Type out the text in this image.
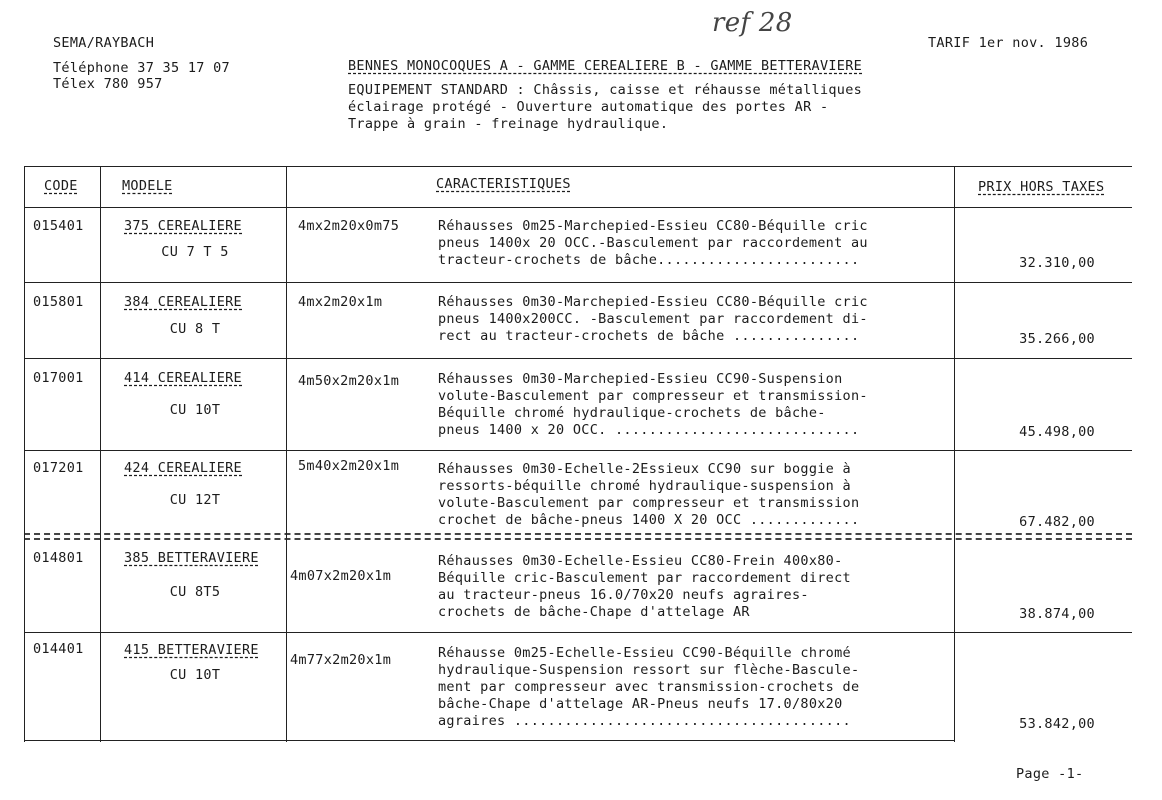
SEMA/RAYBACH
Téléphone 37 35 17 07
Télex 780 957
ref 28
TARIF 1er nov. 1986
BENNES MONOCOQUES A - GAMME CEREALIERE B - GAMME BETTERAVIERE
EQUIPEMENT STANDARD : Châssis, caisse et réhausse métalliques
éclairage protégé - Ouverture automatique des portes AR -
Trappe à grain - freinage hydraulique.
CODE	MODELE	CARACTERISTIQUES	PRIX HORS TAXES
015401	375 CEREALIERE
CU 7 T 5
4mx2m20x0m75	Réhausses 0m25-Marchepied-Essieu CC80-Béquille cric
pneus 1400x 20 OCC.-Basculement par raccordement au
tracteur-crochets de bâche........................	32.310,00
015801	384 CEREALIERE
CU 8 T
4mx2m20x1m	Réhausses 0m30-Marchepied-Essieu CC80-Béquille cric
pneus 1400x200CC. -Basculement par raccordement di-
rect au tracteur-crochets de bâche ...............	35.266,00
017001	414 CEREALIERE
CU 10T
4m50x2m20x1m	Réhausses 0m30-Marchepied-Essieu CC90-Suspension
volute-Basculement par compresseur et transmission-
Béquille chromé hydraulique-crochets de bâche-
pneus 1400 x 20 OCC. .............................	45.498,00
017201	424 CEREALIERE
CU 12T
5m40x2m20x1m	Réhausses 0m30-Echelle-2Essieux CC90 sur boggie à
ressorts-béquille chromé hydraulique-suspension à
volute-Basculement par compresseur et transmission
crochet de bâche-pneus 1400 X 20 OCC .............	67.482,00
014801	385 BETTERAVIERE
CU 8T5
4m07x2m20x1m
Réhausses 0m30-Echelle-Essieu CC80-Frein 400x80-
Béquille cric-Basculement par raccordement direct
au tracteur-pneus 16.0/70x20 neufs agraires-
crochets de bâche-Chape d'attelage AR	38.874,00
014401	415 BETTERAVIERE
CU 10T
4m77x2m20x1m	Réhausse 0m25-Echelle-Essieu CC90-Béquille chromé
hydraulique-Suspension ressort sur flèche-Bascule-
ment par compresseur avec transmission-crochets de
bâche-Chape d'attelage AR-Pneus neufs 17.0/80x20
agraires ........................................	53.842,00
Page -1-
